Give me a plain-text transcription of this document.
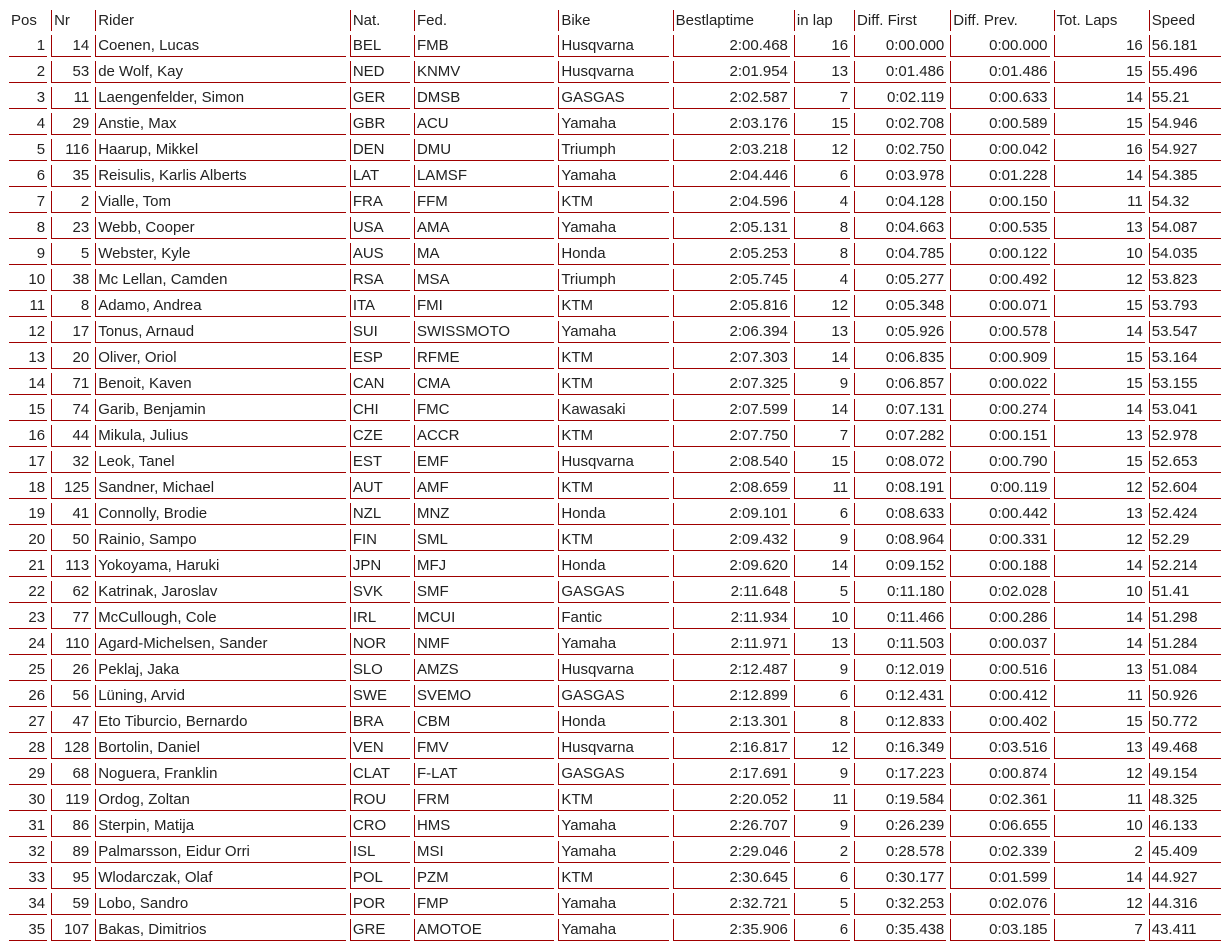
Pos	Nr	Rider	Nat.	Fed.	Bike	Bestlaptime	in lap	Diff. First	Diff. Prev.	Tot. Laps	Speed
1	14	Coenen, Lucas	BEL	FMB	Husqvarna	2:00.468	16	0:00.000	0:00.000	16	56.181
2	53	de Wolf, Kay	NED	KNMV	Husqvarna	2:01.954	13	0:01.486	0:01.486	15	55.496
3	11	Laengenfelder, Simon	GER	DMSB	GASGAS	2:02.587	7	0:02.119	0:00.633	14	55.21
4	29	Anstie, Max	GBR	ACU	Yamaha	2:03.176	15	0:02.708	0:00.589	15	54.946
5	116	Haarup, Mikkel	DEN	DMU	Triumph	2:03.218	12	0:02.750	0:00.042	16	54.927
6	35	Reisulis, Karlis Alberts	LAT	LAMSF	Yamaha	2:04.446	6	0:03.978	0:01.228	14	54.385
7	2	Vialle, Tom	FRA	FFM	KTM	2:04.596	4	0:04.128	0:00.150	11	54.32
8	23	Webb, Cooper	USA	AMA	Yamaha	2:05.131	8	0:04.663	0:00.535	13	54.087
9	5	Webster, Kyle	AUS	MA	Honda	2:05.253	8	0:04.785	0:00.122	10	54.035
10	38	Mc Lellan, Camden	RSA	MSA	Triumph	2:05.745	4	0:05.277	0:00.492	12	53.823
11	8	Adamo, Andrea	ITA	FMI	KTM	2:05.816	12	0:05.348	0:00.071	15	53.793
12	17	Tonus, Arnaud	SUI	SWISSMOTO	Yamaha	2:06.394	13	0:05.926	0:00.578	14	53.547
13	20	Oliver, Oriol	ESP	RFME	KTM	2:07.303	14	0:06.835	0:00.909	15	53.164
14	71	Benoit, Kaven	CAN	CMA	KTM	2:07.325	9	0:06.857	0:00.022	15	53.155
15	74	Garib, Benjamin	CHI	FMC	Kawasaki	2:07.599	14	0:07.131	0:00.274	14	53.041
16	44	Mikula, Julius	CZE	ACCR	KTM	2:07.750	7	0:07.282	0:00.151	13	52.978
17	32	Leok, Tanel	EST	EMF	Husqvarna	2:08.540	15	0:08.072	0:00.790	15	52.653
18	125	Sandner, Michael	AUT	AMF	KTM	2:08.659	11	0:08.191	0:00.119	12	52.604
19	41	Connolly, Brodie	NZL	MNZ	Honda	2:09.101	6	0:08.633	0:00.442	13	52.424
20	50	Rainio, Sampo	FIN	SML	KTM	2:09.432	9	0:08.964	0:00.331	12	52.29
21	113	Yokoyama, Haruki	JPN	MFJ	Honda	2:09.620	14	0:09.152	0:00.188	14	52.214
22	62	Katrinak, Jaroslav	SVK	SMF	GASGAS	2:11.648	5	0:11.180	0:02.028	10	51.41
23	77	McCullough, Cole	IRL	MCUI	Fantic	2:11.934	10	0:11.466	0:00.286	14	51.298
24	110	Agard-Michelsen, Sander	NOR	NMF	Yamaha	2:11.971	13	0:11.503	0:00.037	14	51.284
25	26	Peklaj, Jaka	SLO	AMZS	Husqvarna	2:12.487	9	0:12.019	0:00.516	13	51.084
26	56	Lüning, Arvid	SWE	SVEMO	GASGAS	2:12.899	6	0:12.431	0:00.412	11	50.926
27	47	Eto Tiburcio, Bernardo	BRA	CBM	Honda	2:13.301	8	0:12.833	0:00.402	15	50.772
28	128	Bortolin, Daniel	VEN	FMV	Husqvarna	2:16.817	12	0:16.349	0:03.516	13	49.468
29	68	Noguera, Franklin	CLAT	F-LAT	GASGAS	2:17.691	9	0:17.223	0:00.874	12	49.154
30	119	Ordog, Zoltan	ROU	FRM	KTM	2:20.052	11	0:19.584	0:02.361	11	48.325
31	86	Sterpin, Matija	CRO	HMS	Yamaha	2:26.707	9	0:26.239	0:06.655	10	46.133
32	89	Palmarsson, Eidur Orri	ISL	MSI	Yamaha	2:29.046	2	0:28.578	0:02.339	2	45.409
33	95	Wlodarczak, Olaf	POL	PZM	KTM	2:30.645	6	0:30.177	0:01.599	14	44.927
34	59	Lobo, Sandro	POR	FMP	Yamaha	2:32.721	5	0:32.253	0:02.076	12	44.316
35	107	Bakas, Dimitrios	GRE	AMOTOE	Yamaha	2:35.906	6	0:35.438	0:03.185	7	43.411
